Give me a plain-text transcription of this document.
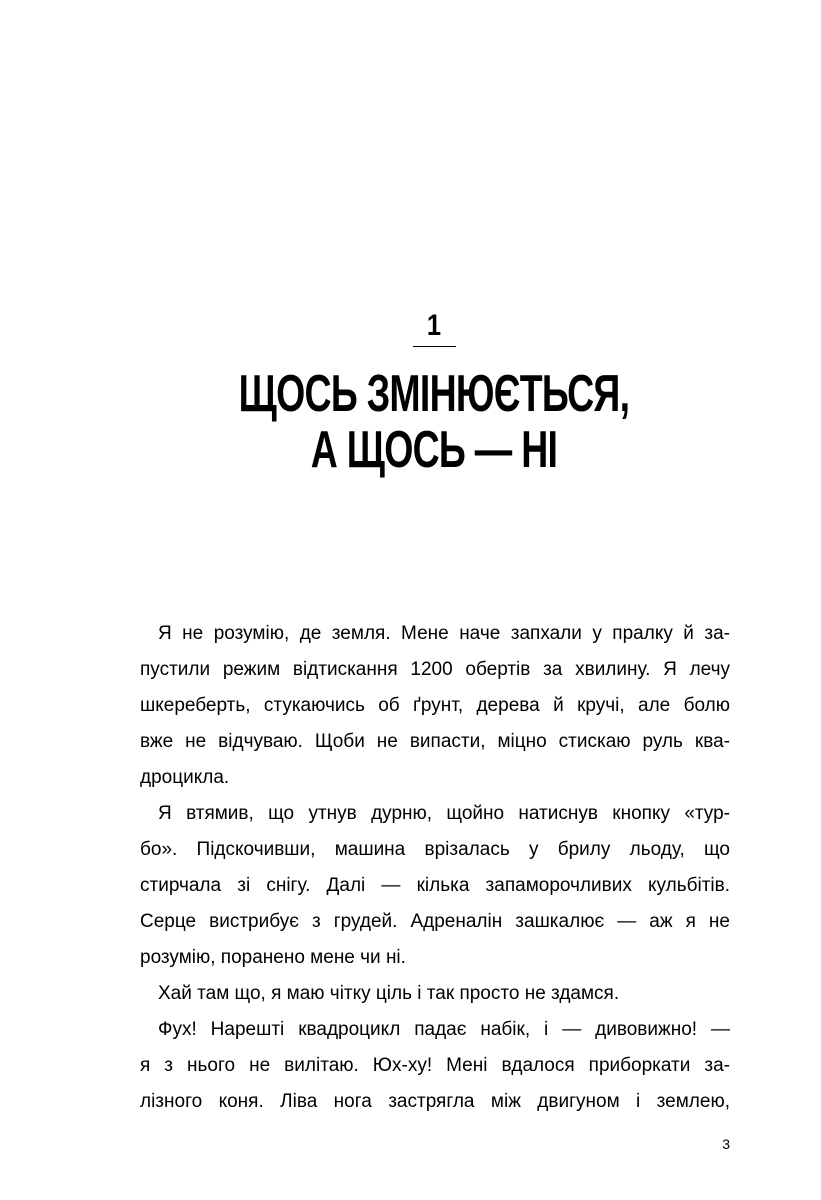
1
ЩОСЬ ЗМІНЮЄТЬСЯ,
А ЩОСЬ — НІ
Я не розумію, де земля. Мене наче запхали у пралку й за-
пустили режим відтискання 1200 обертів за хвилину. Я лечу
шкереберть, стукаючись об ґрунт, дерева й кручі, але болю
вже не відчуваю. Щоби не випасти, міцно стискаю руль ква-
дроцикла.
Я втямив, що утнув дурню, щойно натиснув кнопку «тур-
бо». Підскочивши, машина врізалась у брилу льоду, що
стирчала зі снігу. Далі — кілька запаморочливих кульбітів.
Серце вистрибує з грудей. Адреналін зашкалює — аж я не
розумію, поранено мене чи ні.
Хай там що, я маю чітку ціль і так просто не здамся.
Фух! Нарешті квадроцикл падає набік, і — дивовижно! —
я з нього не вилітаю. Юх-ху! Мені вдалося приборкати за-
лізного коня. Ліва нога застрягла між двигуном і землею,
3
